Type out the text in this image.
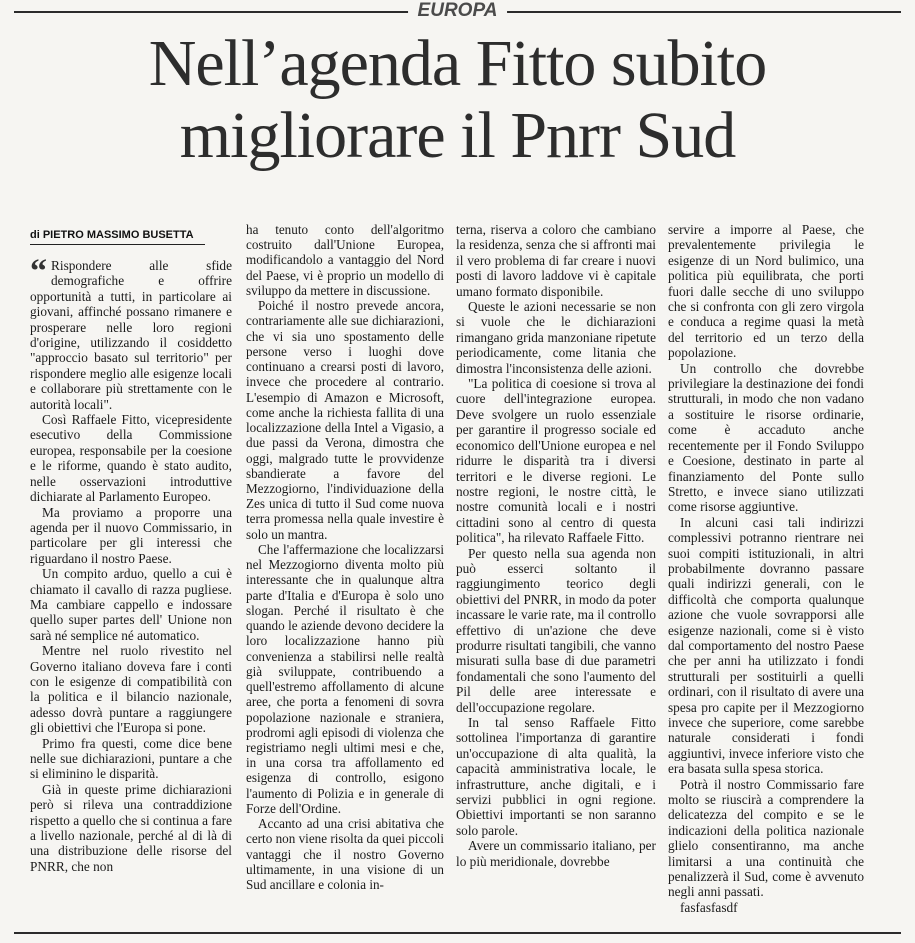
EUROPA
Nell’agenda Fitto subito
migliorare il Pnrr Sud
di PIETRO MASSIMO BUSETTA

“ Rispondere alle sfide demografiche e offrire opportunità a tutti, in particolare ai giovani, affinché possano rimanere e prosperare nelle loro regioni d'origine, utilizzando il cosiddetto "approccio basato sul territorio" per rispondere meglio alle esigenze locali e collaborare più strettamente con le autorità locali".

Così Raffaele Fitto, vicepresidente esecutivo della Commissione europea, responsabile per la coesione e le riforme, quando è stato audito, nelle osservazioni introduttive dichiarate al Parlamento Europeo.

Ma proviamo a proporre una agenda per il nuovo Commissario, in particolare per gli interessi che riguardano il nostro Paese.

Un compito arduo, quello a cui è chiamato il cavallo di razza pugliese. Ma cambiare cappello e indossare quello super partes dell' Unione non sarà né semplice né automatico.

Mentre nel ruolo rivestito nel Governo italiano doveva fare i conti con le esigenze di compatibilità con la politica e il bilancio nazionale, adesso dovrà puntare a raggiungere gli obiettivi che l'Europa si pone.

Primo fra questi, come dice bene nelle sue dichiarazioni, puntare a che si eliminino le disparità.

Già in queste prime dichiarazioni però si rileva una contraddizione rispetto a quello che si continua a fare a livello nazionale, perché al di là di una distribuzione delle risorse del PNRR, che non

ha tenuto conto dell'algoritmo costruito dall'Unione Europea, modificandolo a vantaggio del Nord del Paese, vi è proprio un modello di sviluppo da mettere in discussione.

Poiché il nostro prevede ancora, contrariamente alle sue dichiarazioni, che vi sia uno spostamento delle persone verso i luoghi dove continuano a crearsi posti di lavoro, invece che procedere al contrario. L'esempio di Amazon e Microsoft, come anche la richiesta fallita di una localizzazione della Intel a Vigasio, a due passi da Verona, dimostra che oggi, malgrado tutte le provvidenze sbandierate a favore del Mezzogiorno, l'individuazione della Zes unica di tutto il Sud come nuova terra promessa nella quale investire è solo un mantra.

Che l'affermazione che localizzarsi nel Mezzogiorno diventa molto più interessante che in qualunque altra parte d'Italia e d'Europa è solo uno slogan. Perché il risultato è che quando le aziende devono decidere la loro localizzazione hanno più convenienza a stabilirsi nelle realtà già sviluppate, contribuendo a quell'estremo affollamento di alcune aree, che porta a fenomeni di sovra popolazione nazionale e straniera, prodromi agli episodi di violenza che registriamo negli ultimi mesi e che, in una corsa tra affollamento ed esigenza di controllo, esigono l'aumento di Polizia e in generale di Forze dell'Ordine.

Accanto ad una crisi abitativa che certo non viene risolta da quei piccoli vantaggi che il nostro Governo ultimamente, in una visione di un Sud ancillare e colonia in-

terna, riserva a coloro che cambiano la residenza, senza che si affronti mai il vero problema di far creare i nuovi posti di lavoro laddove vi è capitale umano formato disponibile.

Queste le azioni necessarie se non si vuole che le dichiarazioni rimangano grida manzoniane ripetute periodicamente, come litania che dimostra l'inconsistenza delle azioni.

"La politica di coesione si trova al cuore dell'integrazione europea. Deve svolgere un ruolo essenziale per garantire il progresso sociale ed economico dell'Unione europea e nel ridurre le disparità tra i diversi territori e le diverse regioni. Le nostre regioni, le nostre città, le nostre comunità locali e i nostri cittadini sono al centro di questa politica", ha rilevato Raffaele Fitto.

Per questo nella sua agenda non può esserci soltanto il raggiungimento teorico degli obiettivi del PNRR, in modo da poter incassare le varie rate, ma il controllo effettivo di un'azione che deve produrre risultati tangibili, che vanno misurati sulla base di due parametri fondamentali che sono l'aumento del Pil delle aree interessate e dell'occupazione regolare.

In tal senso Raffaele Fitto sottolinea l'importanza di garantire un'occupazione di alta qualità, la capacità amministrativa locale, le infrastrutture, anche digitali, e i servizi pubblici in ogni regione. Obiettivi importanti se non saranno solo parole.

Avere un commissario italiano, per lo più meridionale, dovrebbe

servire a imporre al Paese, che prevalentemente privilegia le esigenze di un Nord bulimico, una politica più equilibrata, che porti fuori dalle secche di uno sviluppo che si confronta con gli zero virgola e conduca a regime quasi la metà del territorio ed un terzo della popolazione.

Un controllo che dovrebbe privilegiare la destinazione dei fondi strutturali, in modo che non vadano a sostituire le risorse ordinarie, come è accaduto anche recentemente per il Fondo Sviluppo e Coesione, destinato in parte al finanziamento del Ponte sullo Stretto, e invece siano utilizzati come risorse aggiuntive.

In alcuni casi tali indirizzi complessivi potranno rientrare nei suoi compiti istituzionali, in altri probabilmente dovranno passare quali indirizzi generali, con le difficoltà che comporta qualunque azione che vuole sovrapporsi alle esigenze nazionali, come si è visto dal comportamento del nostro Paese che per anni ha utilizzato i fondi strutturali per sostituirli a quelli ordinari, con il risultato di avere una spesa pro capite per il Mezzogiorno invece che superiore, come sarebbe naturale considerati i fondi aggiuntivi, invece inferiore visto che era basata sulla spesa storica.

Potrà il nostro Commissario fare molto se riuscirà a comprendere la delicatezza del compito e se le indicazioni della politica nazionale glielo consentiranno, ma anche limitarsi a una continuità che penalizzerà il Sud, come è avvenuto negli anni passati.

fasfasfasdf
